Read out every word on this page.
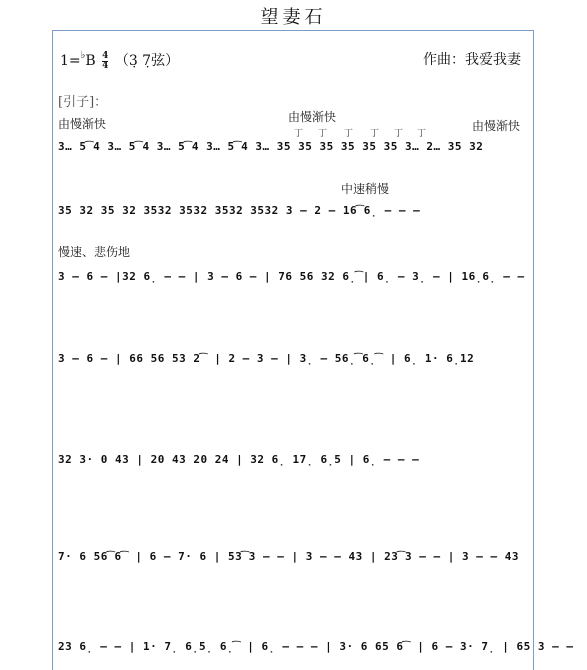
望妻石
$1=^♭B \frac{4}{4}$ （3̣ 7̣弦）	作曲：我爱我妻
[引子]：
由慢渐快	由慢渐快
由慢渐快
丁 丁 丁 丁 丁 丁
中速稍慢
慢速、悲伤地
3… 5͡4 3… 5͡4 3… 5͡4 3… 5͡4 3… 35 35 35 35 35 35 3… 2… 35 32
35 32 35 32 3532 3532 3532 3532 3 – 2 – 16͡6̣ – – –
3 – 6 – |32 6̣ – – | 3 – 6 – | 76 56 32 6̣͡| 6̣ – 3̣ – | 16̣6̣ – –
3 – 6 – | 66 56 53 2͡ | 2 – 3 – | 3̣ – 56̣͡6̣͡ | 6̣ 1· 6̣12
32 3· 0 43 | 20 43 20 24 | 32 6̣ 17̣ 6̣5 | 6̣ – – –
7· 6 56͡6͡ | 6 – 7· 6 | 53͡3 – – | 3 – – 43 | 23͡3 – – | 3 – – 43
23 6̣ – – | 1· 7̣ 6̣5̣ 6̣͡ | 6̣ – – – | 3· 6 65 6͡ | 6 – 3· 7̣ | 65 3 – –
